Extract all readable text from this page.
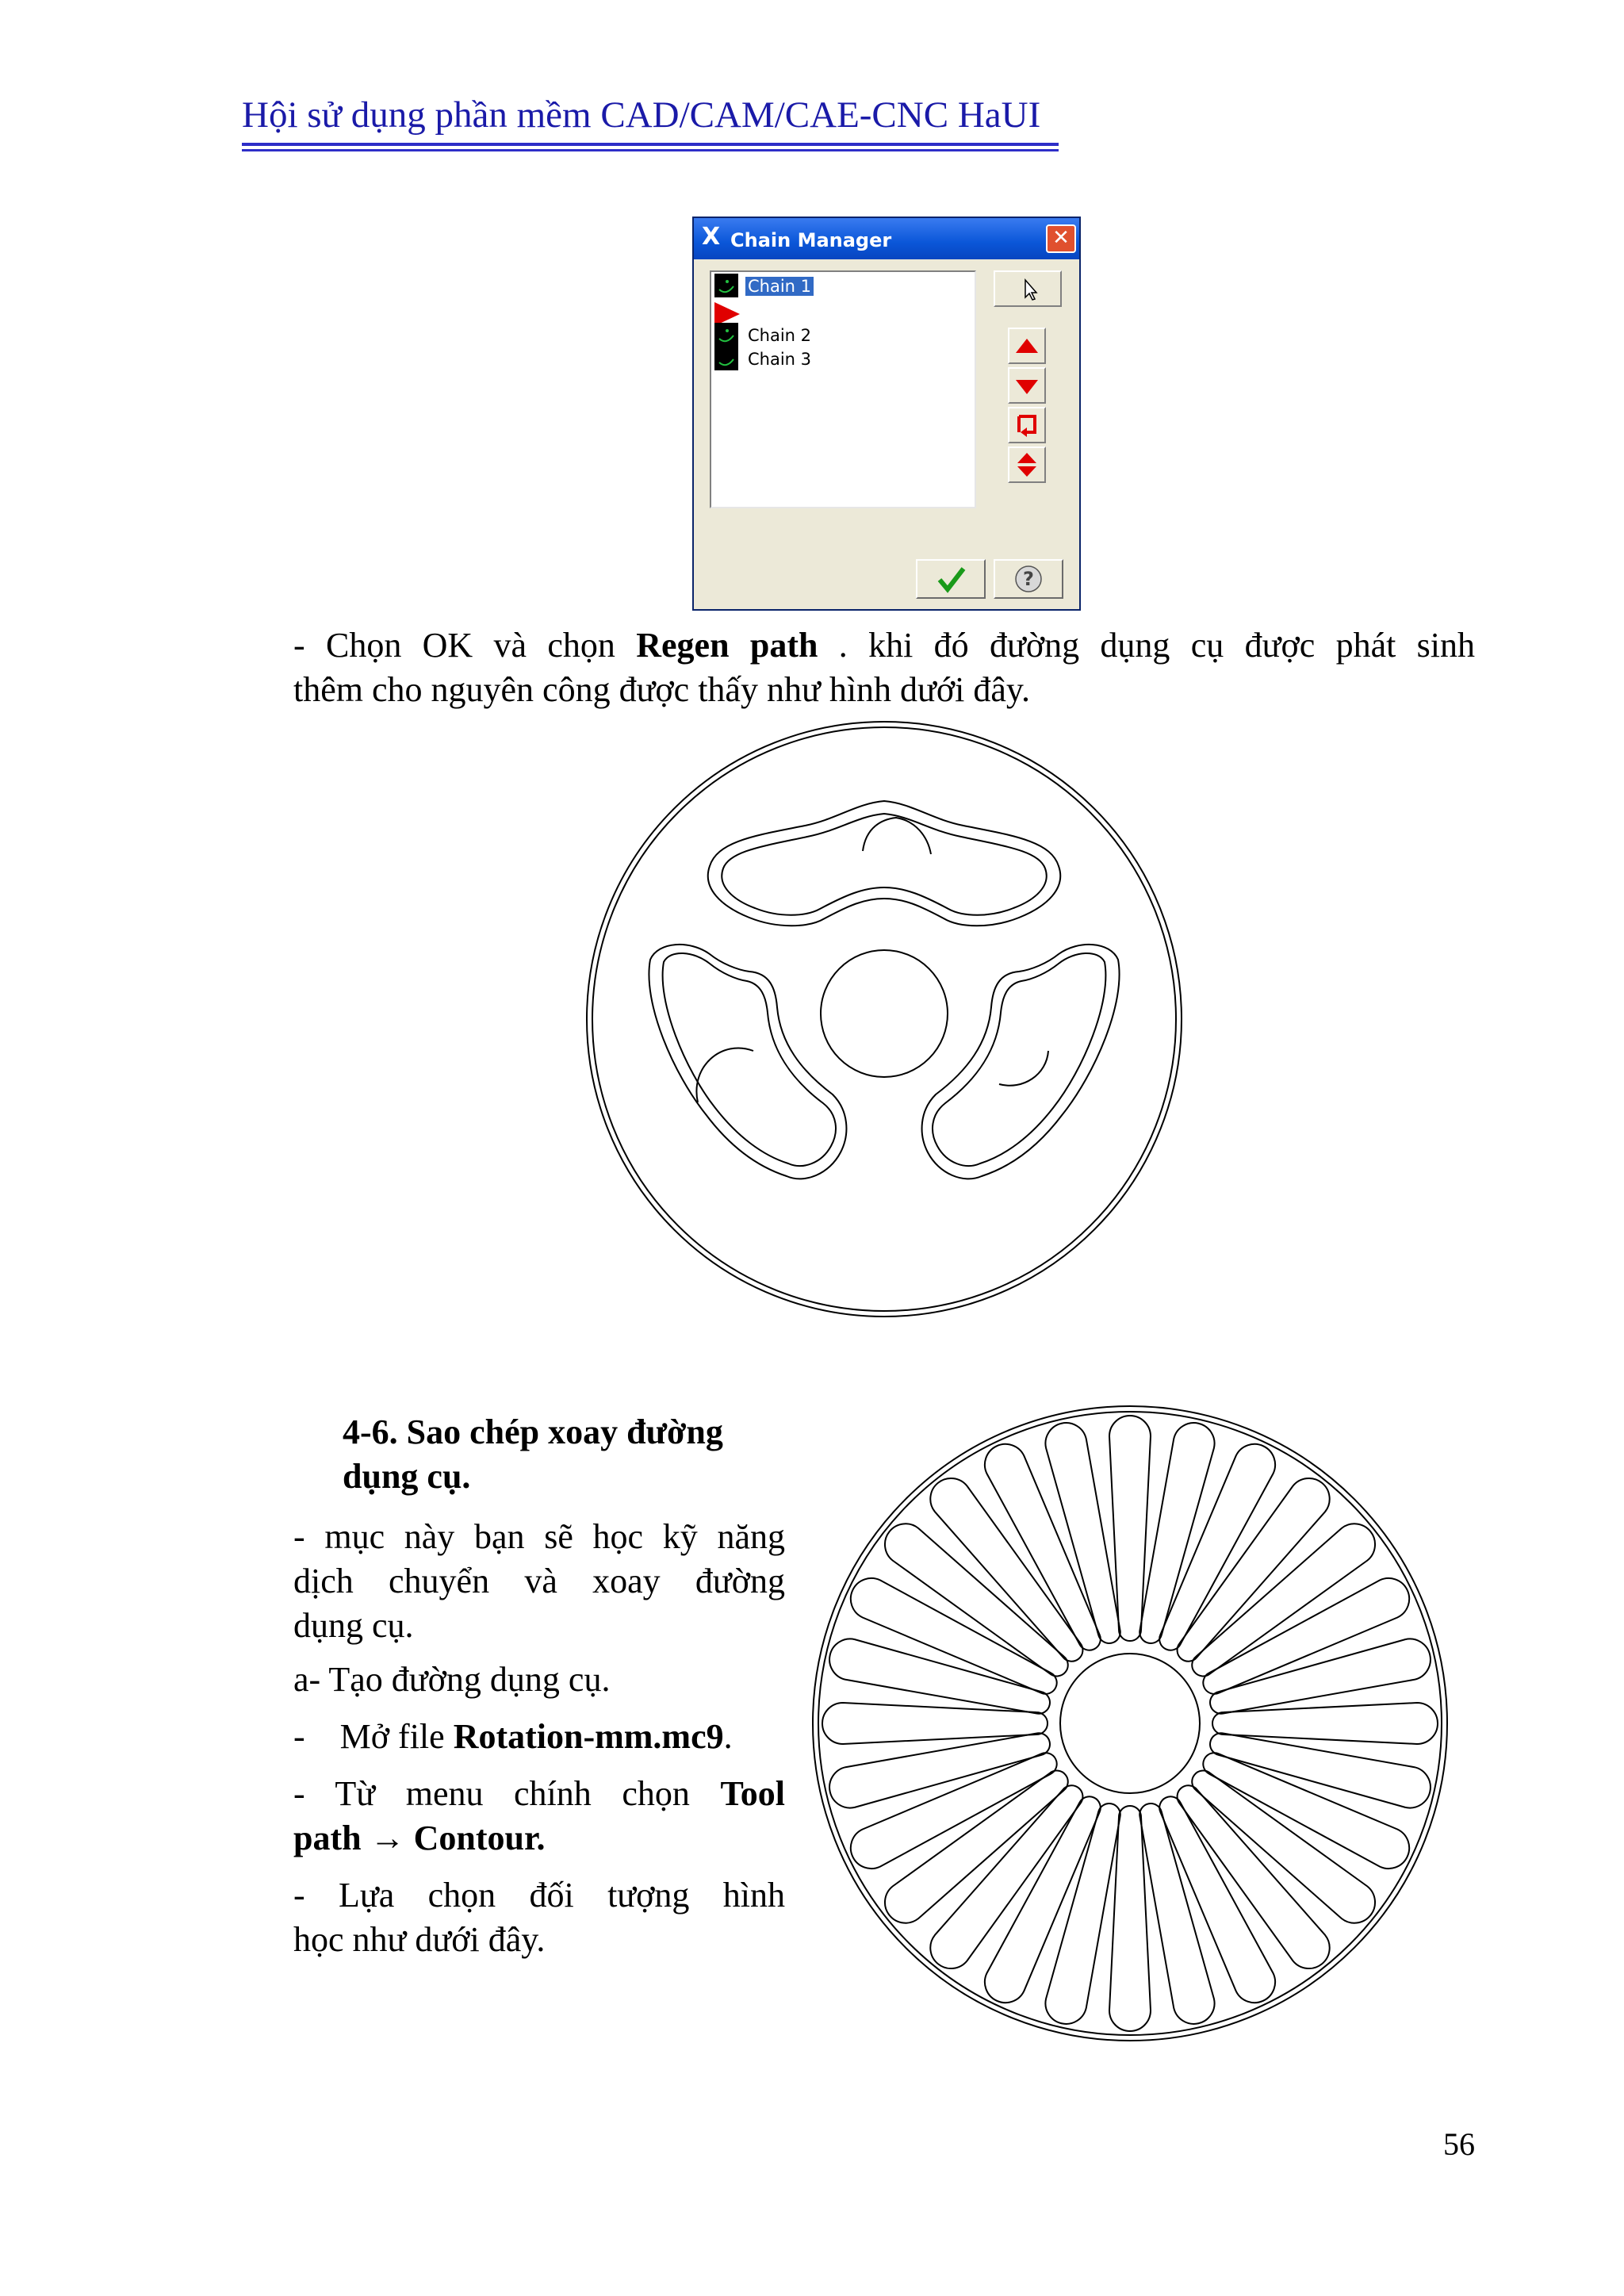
Hội sử dụng phần mềm CAD/CAM/CAE-CNC HaUI
X Chain Manager	✕
Chain 1
Chain 2
Chain 3
?
- Chọn OK và chọn Regen path . khi đó đường dụng cụ được phát sinh
thêm cho nguyên công được thấy như hình dưới đây.
4-6. Sao chép xoay đường
dụng cụ.
- mục này bạn sẽ học kỹ năng
dịch chuyển và xoay đường
dụng cụ.
a- Tạo đường dụng cụ.
-    Mở file Rotation-mm.mc9.
- Từ menu chính chọn Tool
path → Contour.
- Lựa chọn đối tượng hình
học như dưới đây.
56
